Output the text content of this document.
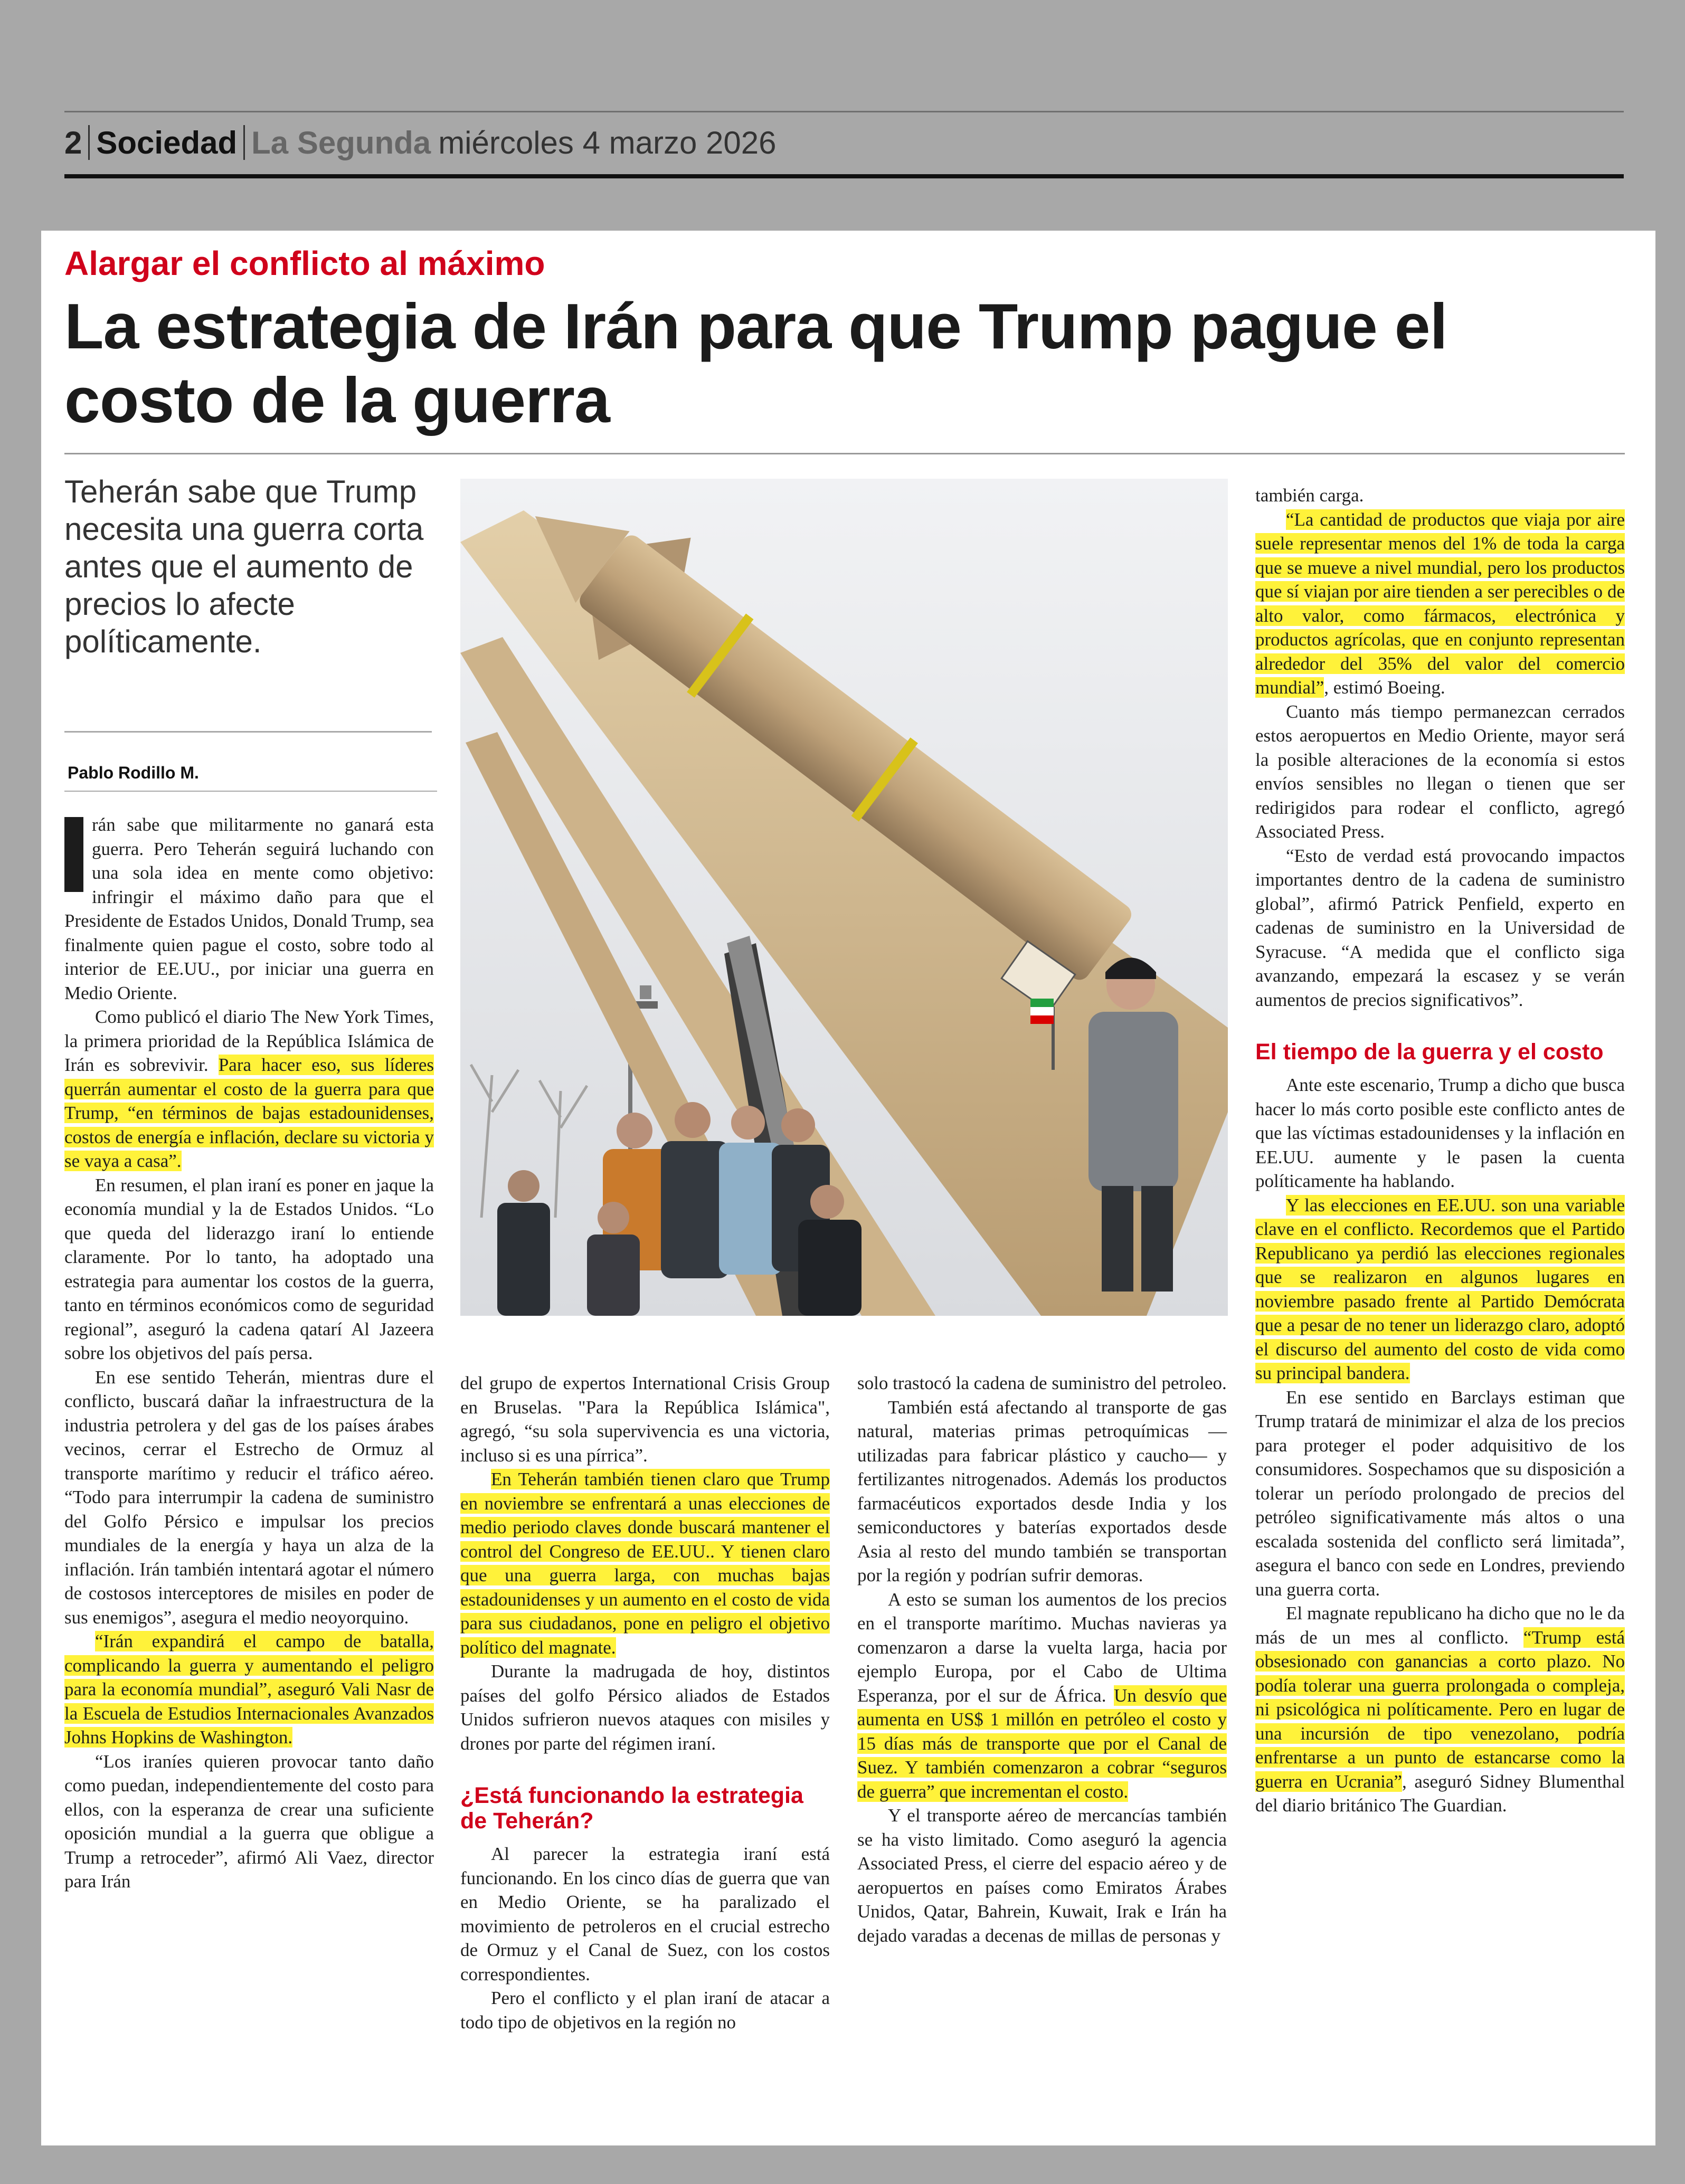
2 Sociedad La Segunda miércoles 4 marzo 2026
Alargar el conflicto al máximo
La estrategia de Irán para que Trump pague el costo de la guerra
Teherán sabe que Trump necesita una guerra corta antes que el aumento de precios lo afecte políticamente.
Pablo Rodillo M.

rán sabe que militarmente no ganará esta guerra. Pero Teherán seguirá luchando con una sola idea en mente como objetivo: infringir el máximo daño para que el Presidente de Estados Unidos, Donald Trump, sea finalmente quien pague el costo, sobre todo al interior de EE.UU., por iniciar una guerra en Medio Oriente.

Como publicó el diario The New York Times, la primera prioridad de la República Islámica de Irán es sobrevivir. Para hacer eso, sus líderes querrán aumentar el costo de la guerra para que Trump, “en términos de bajas estadounidenses, costos de energía e inflación, declare su victoria y se vaya a casa”.

En resumen, el plan iraní es poner en jaque la economía mundial y la de Estados Unidos. “Lo que queda del liderazgo iraní lo entiende claramente. Por lo tanto, ha adoptado una estrategia para aumentar los costos de la guerra, tanto en términos económicos como de seguridad regional”, aseguró la cadena qatarí Al Jazeera sobre los objetivos del país persa.

En ese sentido Teherán, mientras dure el conflicto, buscará dañar la infraestructura de la industria petrolera y del gas de los países árabes vecinos, cerrar el Estrecho de Ormuz al transporte marítimo y reducir el tráfico aéreo. “Todo para interrumpir la cadena de suministro del Golfo Pérsico e impulsar los precios mundiales de la energía y haya un alza de la inflación. Irán también intentará agotar el número de costosos interceptores de misiles en poder de sus enemigos”, asegura el medio neoyorquino.

“Irán expandirá el campo de batalla, complicando la guerra y aumentando el peligro para la economía mundial”, aseguró Vali Nasr de la Escuela de Estudios Internacionales Avanzados Johns Hopkins de Washington.

“Los iraníes quieren provocar tanto daño como puedan, independientemente del costo para ellos, con la esperanza de crear una suficiente oposición mundial a la guerra que obligue a Trump a retroceder”, afirmó Ali Vaez, director para Irán

del grupo de expertos International Crisis Group en Bruselas. "Para la República Islámica", agregó, “su sola supervivencia es una victoria, incluso si es una pírrica”.

En Teherán también tienen claro que Trump en noviembre se enfrentará a unas elecciones de medio periodo claves donde buscará mantener el control del Congreso de EE.UU.. Y tienen claro que una guerra larga, con muchas bajas estadounidenses y un aumento en el costo de vida para sus ciudadanos, pone en peligro el objetivo político del magnate.

Durante la madrugada de hoy, distintos países del golfo Pérsico aliados de Estados Unidos sufrieron nuevos ataques con misiles y drones por parte del régimen iraní.

¿Está funcionando la estrategia de Teherán?

Al parecer la estrategia iraní está funcionando. En los cinco días de guerra que van en Medio Oriente, se ha paralizado el movimiento de petroleros en el crucial estrecho de Ormuz y el Canal de Suez, con los costos correspondientes.

Pero el conflicto y el plan iraní de atacar a todo tipo de objetivos en la región no

solo trastocó la cadena de suministro del petroleo.

También está afectando al transporte de gas natural, materias primas petroquímicas —utilizadas para fabricar plástico y caucho— y fertilizantes nitrogenados. Además los productos farmacéuticos exportados desde India y los semiconductores y baterías exportados desde Asia al resto del mundo también se transportan por la región y podrían sufrir demoras.

A esto se suman los aumentos de los precios en el transporte marítimo. Muchas navieras ya comenzaron a darse la vuelta larga, hacia por ejemplo Europa, por el Cabo de Ultima Esperanza, por el sur de África. Un desvío que aumenta en US$ 1 millón en petróleo el costo y 15 días más de transporte que por el Canal de Suez. Y también comenzaron a cobrar “seguros de guerra” que incrementan el costo.

Y el transporte aéreo de mercancías también se ha visto limitado. Como aseguró la agencia Associated Press, el cierre del espacio aéreo y de aeropuertos en países como Emiratos Árabes Unidos, Qatar, Bahrein, Kuwait, Irak e Irán ha dejado varadas a decenas de millas de personas y

también carga.

“La cantidad de productos que viaja por aire suele representar menos del 1% de toda la carga que se mueve a nivel mundial, pero los productos que sí viajan por aire tienden a ser perecibles o de alto valor, como fármacos, electrónica y productos agrícolas, que en conjunto representan alrededor del 35% del valor del comercio mundial”, estimó Boeing.

Cuanto más tiempo permanezcan cerrados estos aeropuertos en Medio Oriente, mayor será la posible alteraciones de la economía si estos envíos sensibles no llegan o tienen que ser redirigidos para rodear el conflicto, agregó Associated Press.

“Esto de verdad está provocando impactos importantes dentro de la cadena de suministro global”, afirmó Patrick Penfield, experto en cadenas de suministro en la Universidad de Syracuse. “A medida que el conflicto siga avanzando, empezará la escasez y se verán aumentos de precios significativos”.

El tiempo de la guerra y el costo

Ante este escenario, Trump a dicho que busca hacer lo más corto posible este conflicto antes de que las víctimas estadounidenses y la inflación en EE.UU. aumente y le pasen la cuenta políticamente ha hablando.

Y las elecciones en EE.UU. son una variable clave en el conflicto. Recordemos que el Partido Republicano ya perdió las elecciones regionales que se realizaron en algunos lugares en noviembre pasado frente al Partido Demócrata que a pesar de no tener un liderazgo claro, adoptó el discurso del aumento del costo de vida como su principal bandera.

En ese sentido en Barclays estiman que Trump tratará de minimizar el alza de los precios para proteger el poder adquisitivo de los consumidores. Sospechamos que su disposición a tolerar un período prolongado de precios del petróleo significativamente más altos o una escalada sostenida del conflicto será limitada”, asegura el banco con sede en Londres, previendo una guerra corta.

El magnate republicano ha dicho que no le da más de un mes al conflicto. “Trump está obsesionado con ganancias a corto plazo. No podía tolerar una guerra prolongada o compleja, ni psicológica ni políticamente. Pero en lugar de una incursión de tipo venezolano, podría enfrentarse a un punto de estancarse como la guerra en Ucrania”, aseguró Sidney Blumenthal del diario británico The Guardian.
